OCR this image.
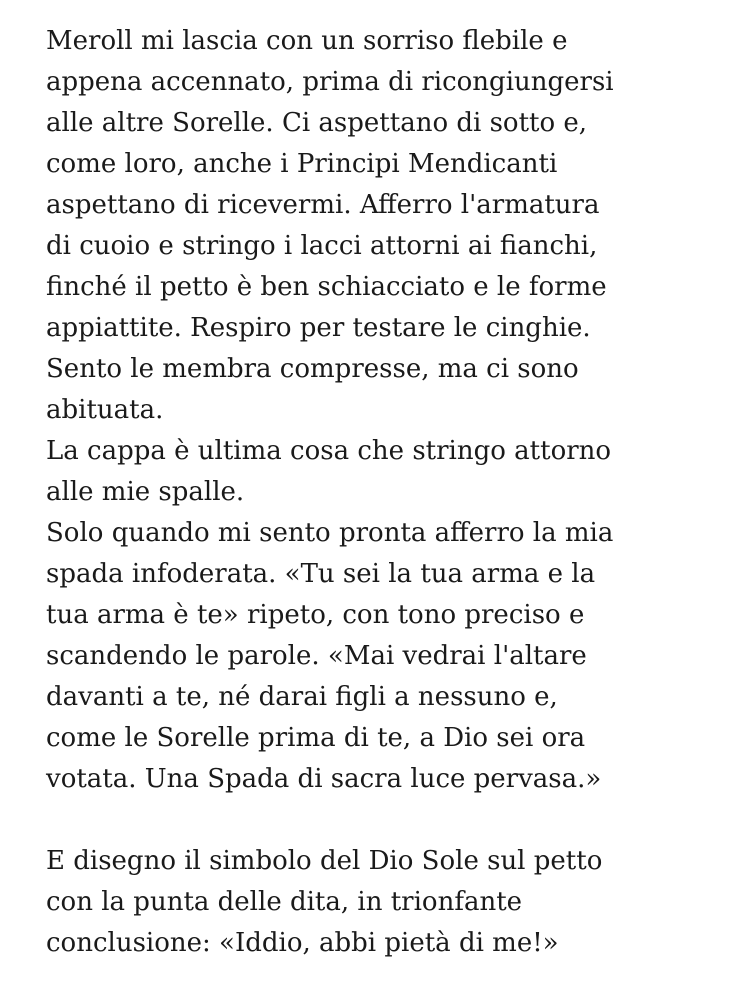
Meroll mi lascia con un sorriso flebile e
appena accennato, prima di ricongiungersi
alle altre Sorelle. Ci aspettano di sotto e,
come loro, anche i Principi Mendicanti
aspettano di ricevermi. Afferro l'armatura
di cuoio e stringo i lacci attorni ai fianchi,
finché il petto è ben schiacciato e le forme
appiattite. Respiro per testare le cinghie.
Sento le membra compresse, ma ci sono
abituata.
La cappa è ultima cosa che stringo attorno
alle mie spalle.
Solo quando mi sento pronta afferro la mia
spada infoderata. «Tu sei la tua arma e la
tua arma è te» ripeto, con tono preciso e
scandendo le parole. «Mai vedrai l'altare
davanti a te, né darai figli a nessuno e,
come le Sorelle prima di te, a Dio sei ora
votata. Una Spada di sacra luce pervasa.»
E disegno il simbolo del Dio Sole sul petto
con la punta delle dita, in trionfante
conclusione: «Iddio, abbi pietà di me!»
